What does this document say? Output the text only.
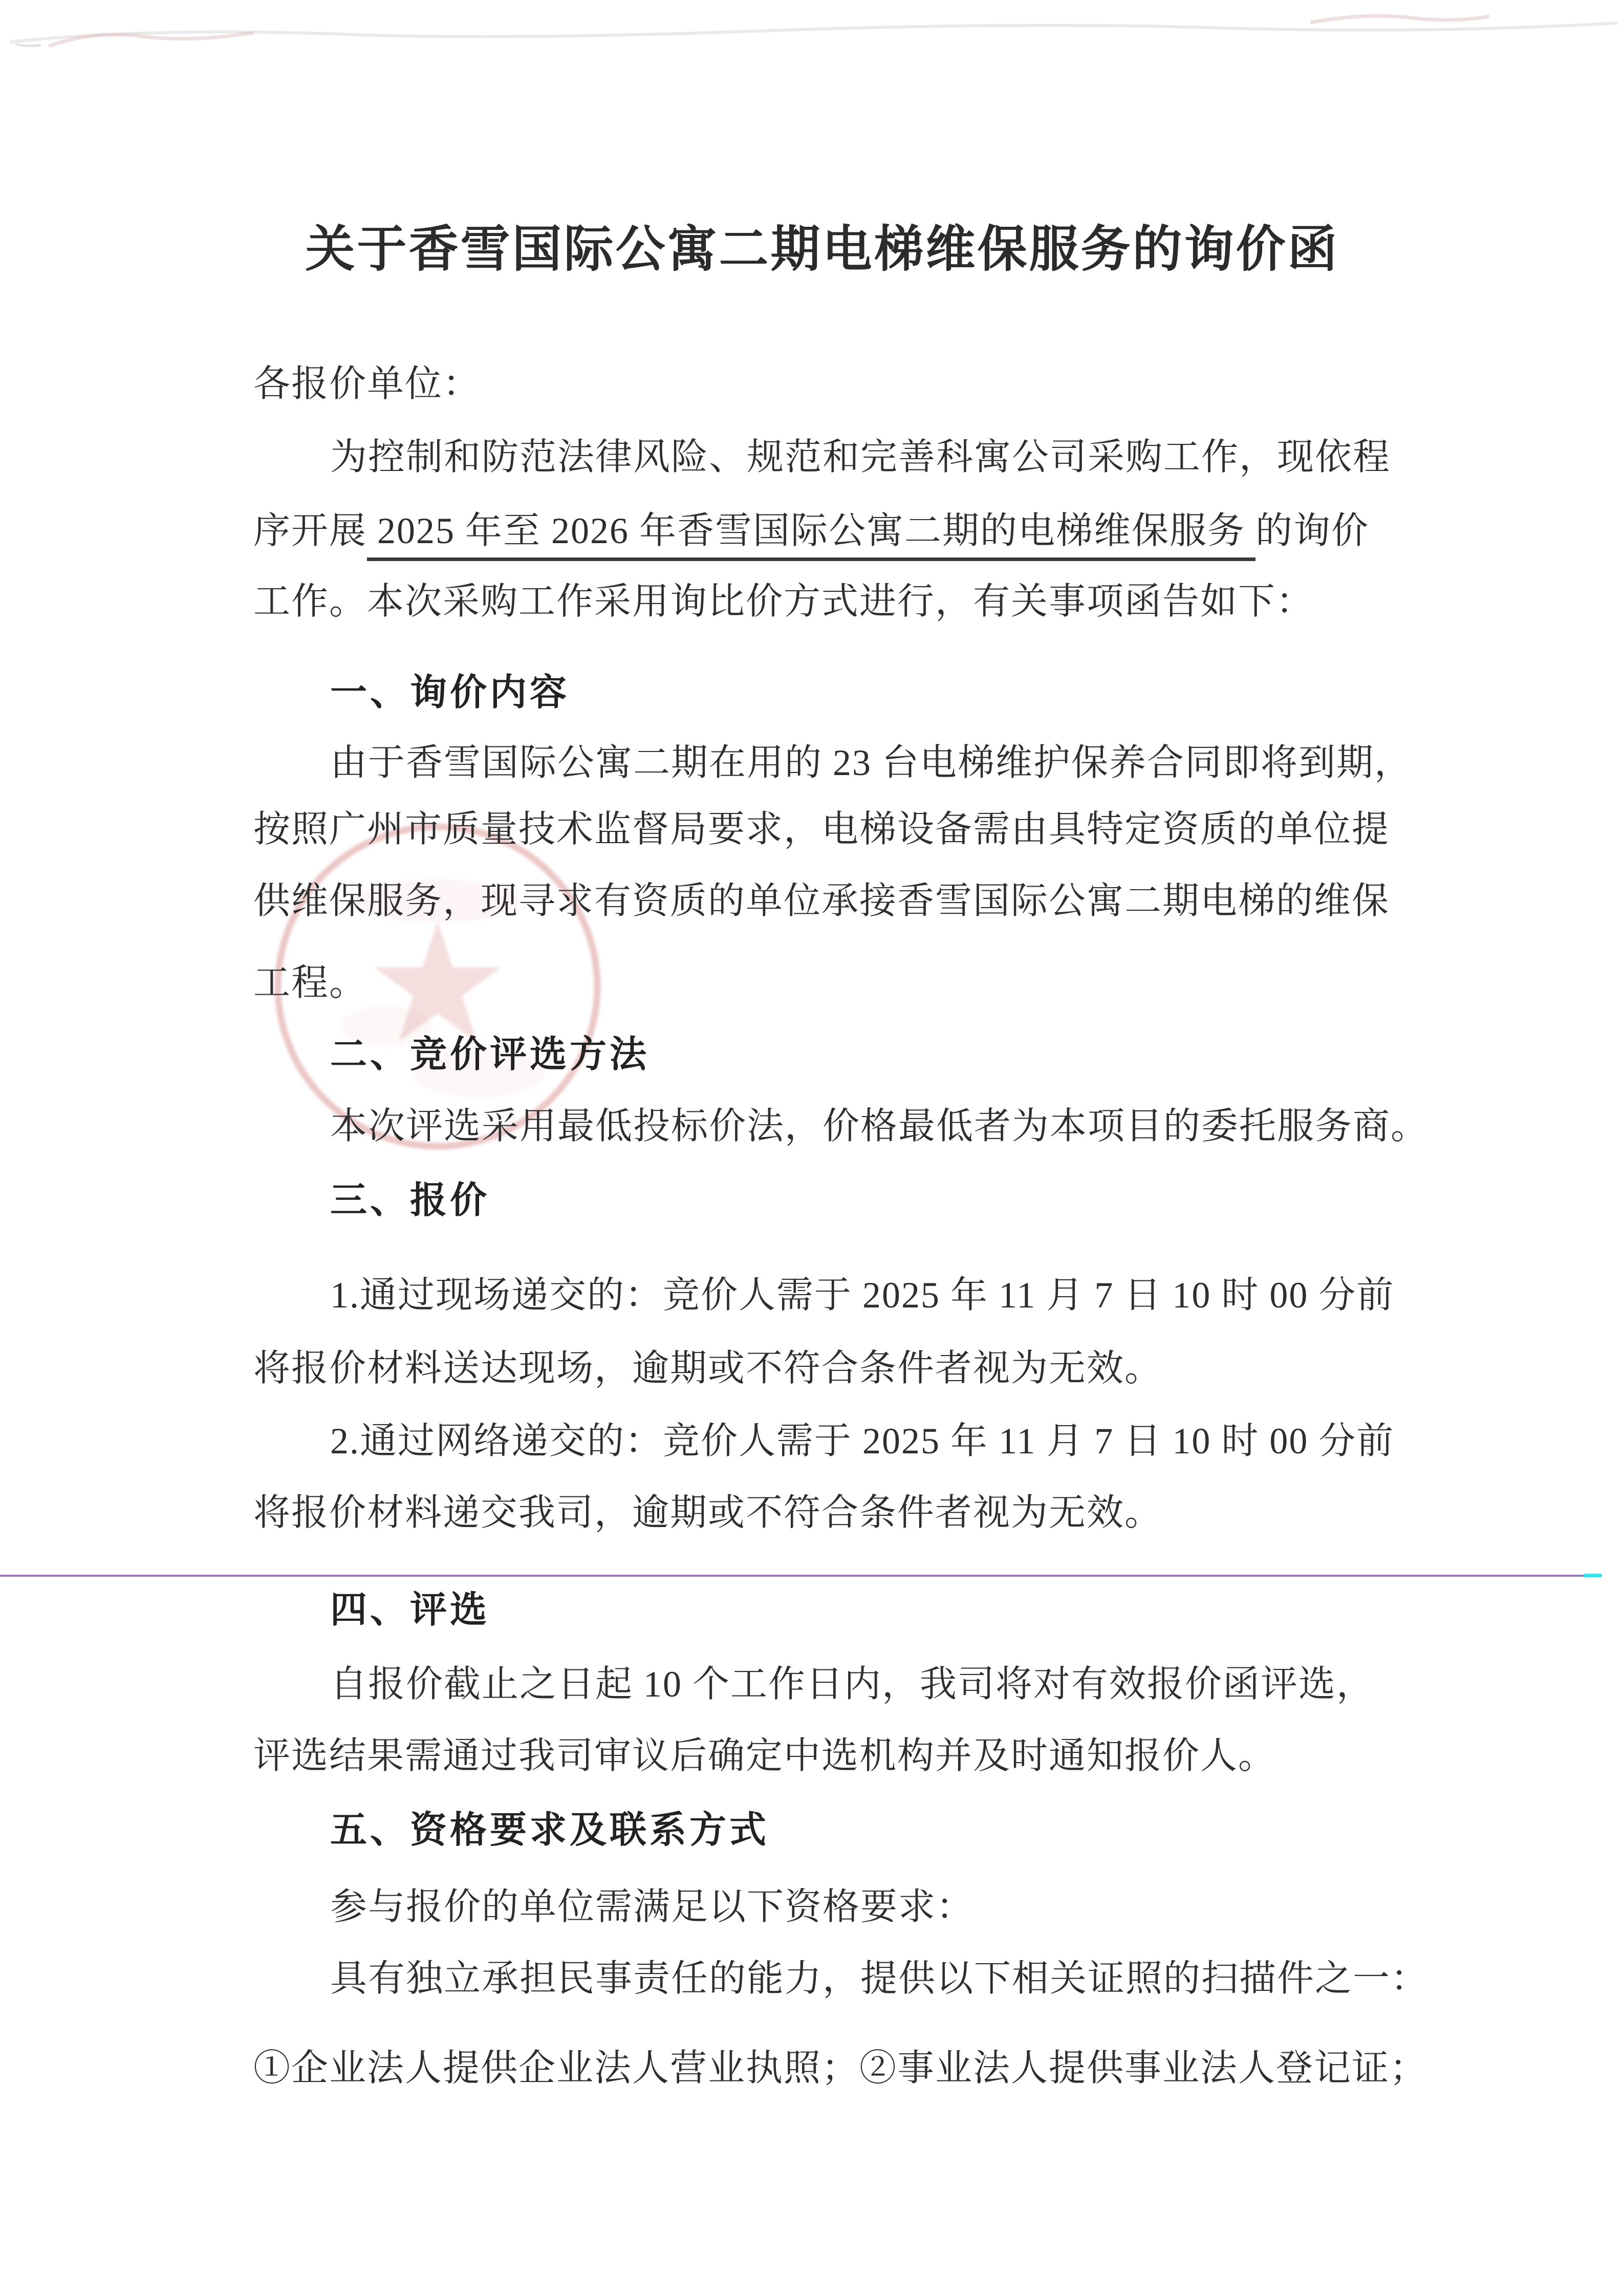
关于香雪国际公寓二期电梯维保服务的询价函
各报价单位：
为控制和防范法律风险、规范和完善科寓公司采购工作，现依程
序开展 2025 年至 2026 年香雪国际公寓二期的电梯维保服务 的询价
工作。本次采购工作采用询比价方式进行，有关事项函告如下：
一、询价内容
由于香雪国际公寓二期在用的 23 台电梯维护保养合同即将到期，
按照广州市质量技术监督局要求，电梯设备需由具特定资质的单位提
供维保服务，现寻求有资质的单位承接香雪国际公寓二期电梯的维保
工程。
二、竞价评选方法
本次评选采用最低投标价法，价格最低者为本项目的委托服务商。
三、报价
1.通过现场递交的：竞价人需于 2025 年 11 月 7 日 10 时 00 分前
将报价材料送达现场，逾期或不符合条件者视为无效。
2.通过网络递交的：竞价人需于 2025 年 11 月 7 日 10 时 00 分前
将报价材料递交我司，逾期或不符合条件者视为无效。
四、评选
自报价截止之日起 10 个工作日内，我司将对有效报价函评选，
评选结果需通过我司审议后确定中选机构并及时通知报价人。
五、资格要求及联系方式
参与报价的单位需满足以下资格要求：
具有独立承担民事责任的能力，提供以下相关证照的扫描件之一：
①企业法人提供企业法人营业执照；②事业法人提供事业法人登记证；
